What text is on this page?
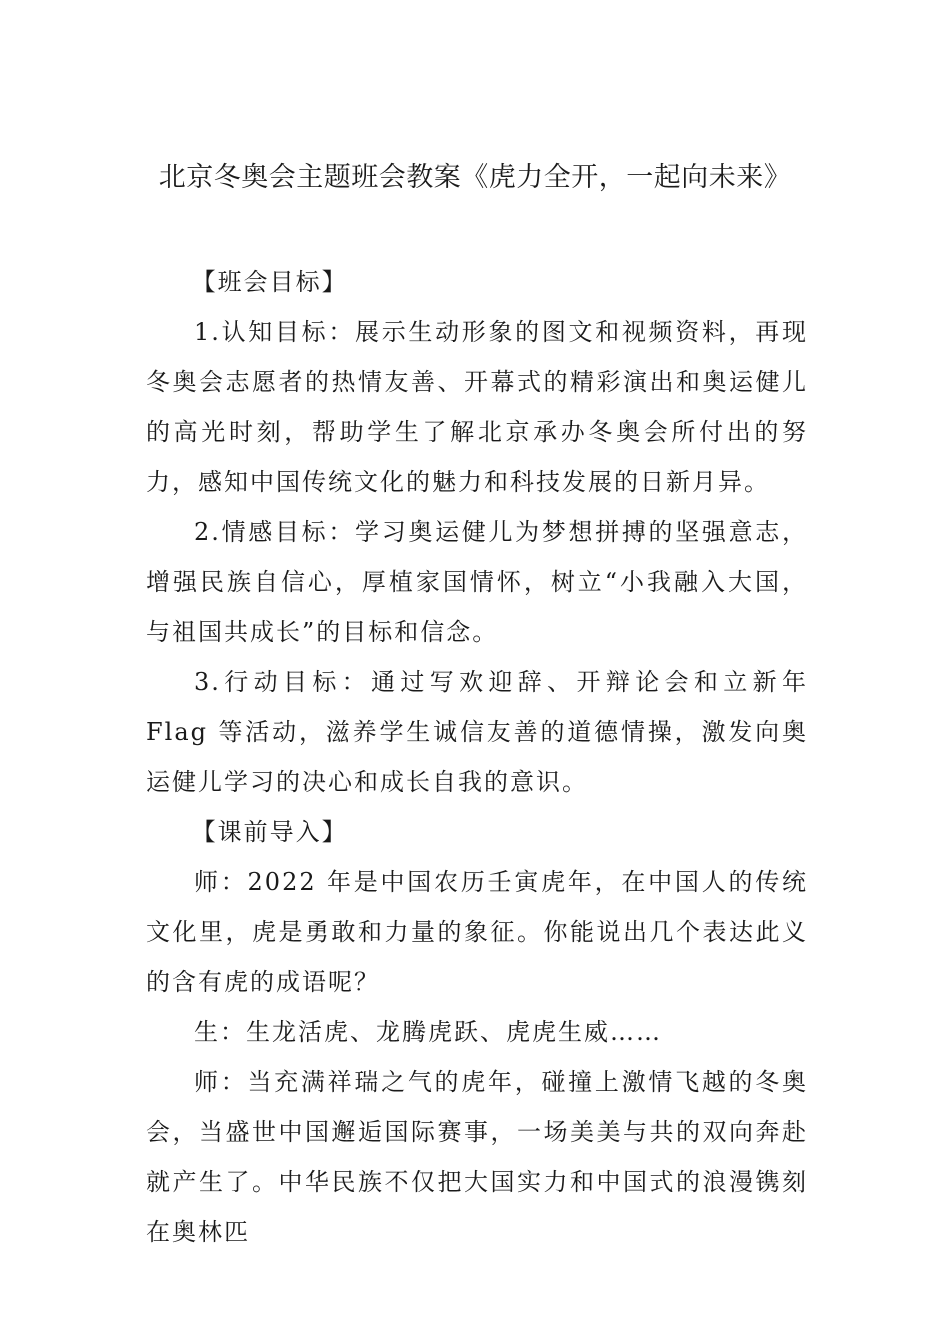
北京冬奥会主题班会教案《虎力全开，一起向未来》

【班会目标】

1.认知目标：展示生动形象的图文和视频资料，再现冬奥会志愿者的热情友善、开幕式的精彩演出和奥运健儿的高光时刻，帮助学生了解北京承办冬奥会所付出的努力，感知中国传统文化的魅力和科技发展的日新月异。

2.情感目标：学习奥运健儿为梦想拼搏的坚强意志，增强民族自信心，厚植家国情怀，树立“小我融入大国，与祖国共成长”的目标和信念。

3.行动目标：通过写欢迎辞、开辩论会和立新年 Flag 等活动，滋养学生诚信友善的道德情操，激发向奥运健儿学习的决心和成长自我的意识。

【课前导入】

师：2022 年是中国农历壬寅虎年，在中国人的传统文化里，虎是勇敢和力量的象征。你能说出几个表达此义的含有虎的成语呢？

生：生龙活虎、龙腾虎跃、虎虎生威……

师：当充满祥瑞之气的虎年，碰撞上激情飞越的冬奥会，当盛世中国邂逅国际赛事，一场美美与共的双向奔赴就产生了。中华民族不仅把大国实力和中国式的浪漫镌刻在奥林匹
